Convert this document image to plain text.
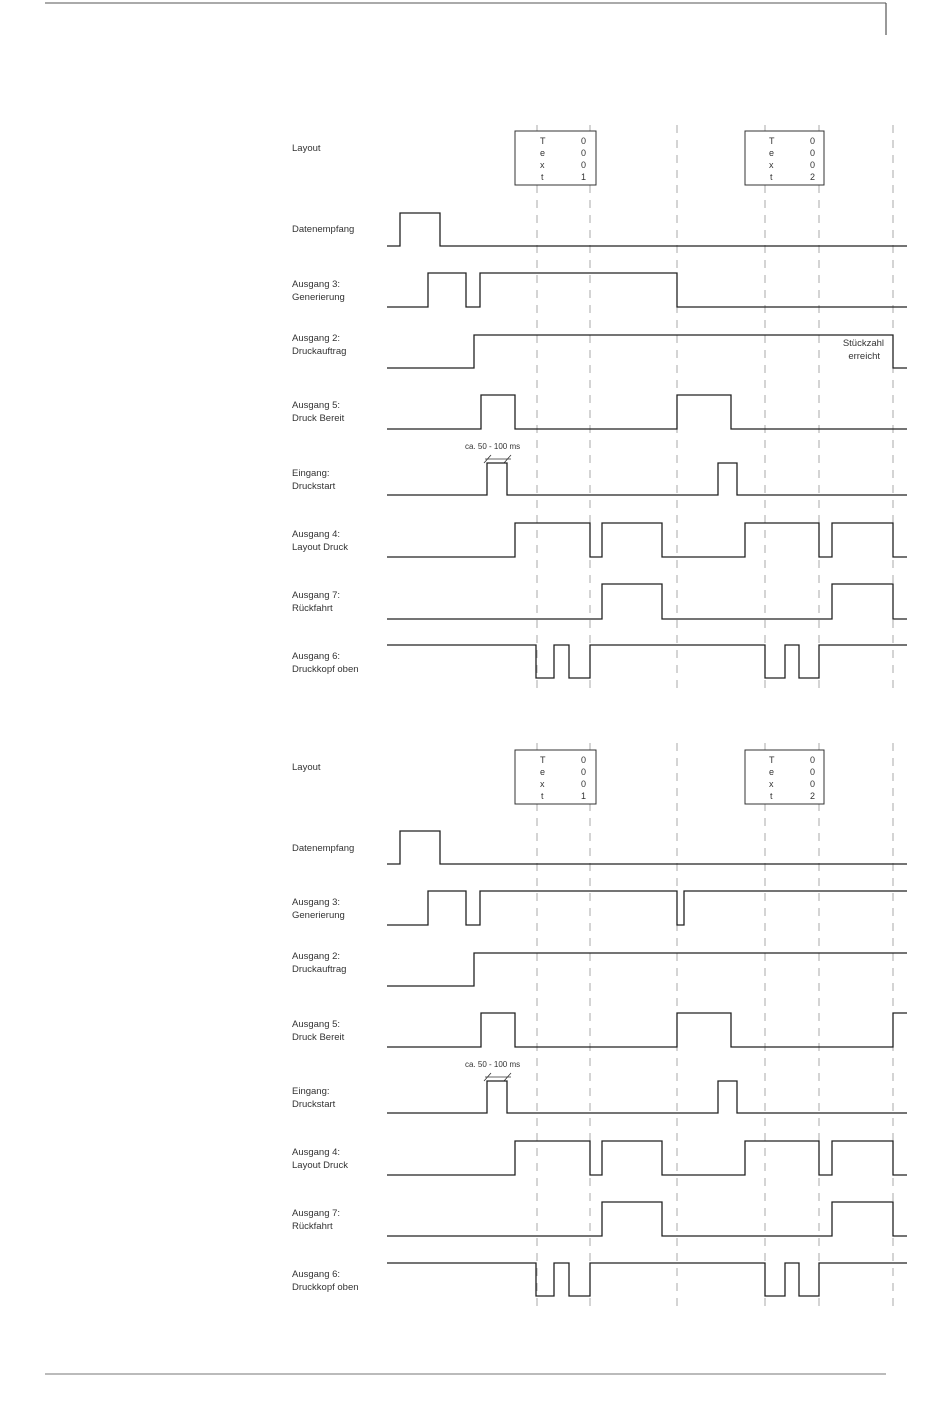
Layout
T
e
x
t
0
0
0
1
T
e
x
t
0
0
0
2
Datenempfang
Ausgang 3: Generierung
Ausgang 2: Druckauftrag
Ausgang 5: Druck Bereit
Eingang: Druckstart
Ausgang 4: Layout Druck
Ausgang 7: Rückfahrt
Ausgang 6: Druckkopf oben
Stückzahl erreicht
ca. 50 - 100 ms
Layout
T
e
x
t
0
0
0
1
T
e
x
t
0
0
0
2
Datenempfang
Ausgang 3: Generierung
Ausgang 2: Druckauftrag
Ausgang 5: Druck Bereit
Eingang: Druckstart
Ausgang 4: Layout Druck
Ausgang 7: Rückfahrt
Ausgang 6: Druckkopf oben
ca. 50 - 100 ms
